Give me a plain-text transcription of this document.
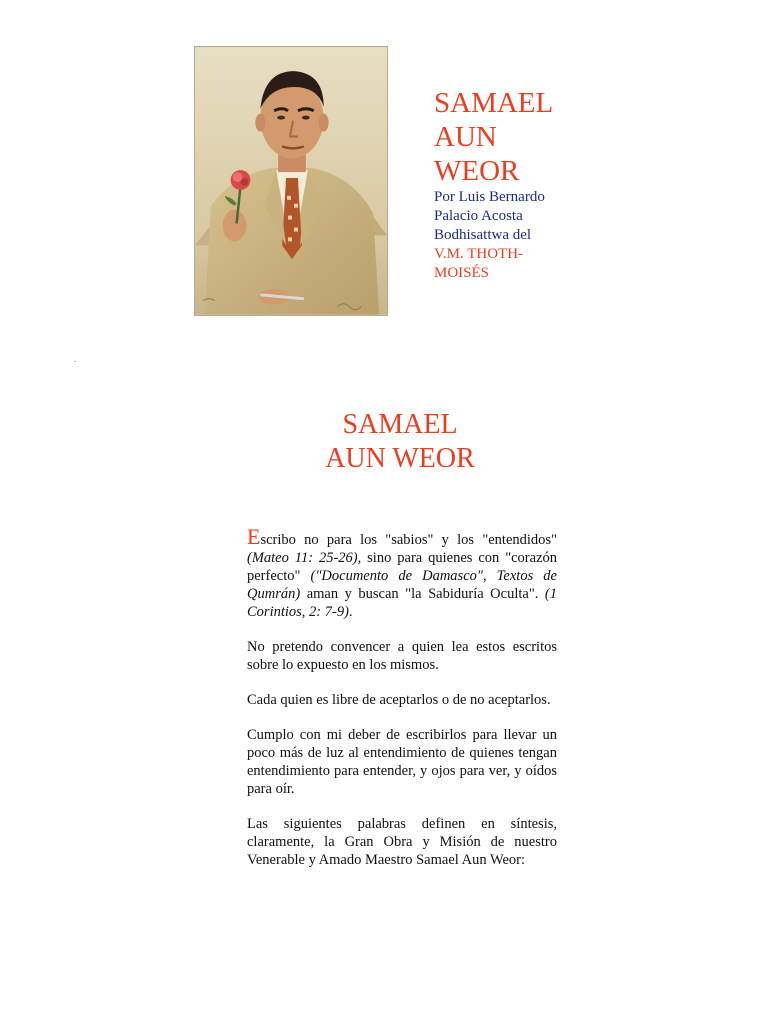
SAMAEL
AUN
WEOR
Por Luis Bernardo
Palacio Acosta
Bodhisattwa del
V.M. THOTH-
MOISÉS
.
SAMAEL
AUN WEOR

Escribo no para los "sabios" y los "entendidos" (Mateo 11: 25-26), sino para quienes con "corazón perfecto" ("Documento de Damasco", Textos de Qumrán) aman y buscan "la Sabiduría Oculta". (1 Corintios, 2: 7-9).

No pretendo convencer a quien lea estos escritos sobre lo expuesto en los mismos.

Cada quien es libre de aceptarlos o de no aceptarlos.

Cumplo con mi deber de escribirlos para llevar un poco más de luz al entendimiento de quienes tengan entendimiento para entender, y ojos para ver, y oídos para oír.

Las siguientes palabras definen en síntesis, claramente, la Gran Obra y Misión de nuestro Venerable y Amado Maestro Samael Aun Weor:
